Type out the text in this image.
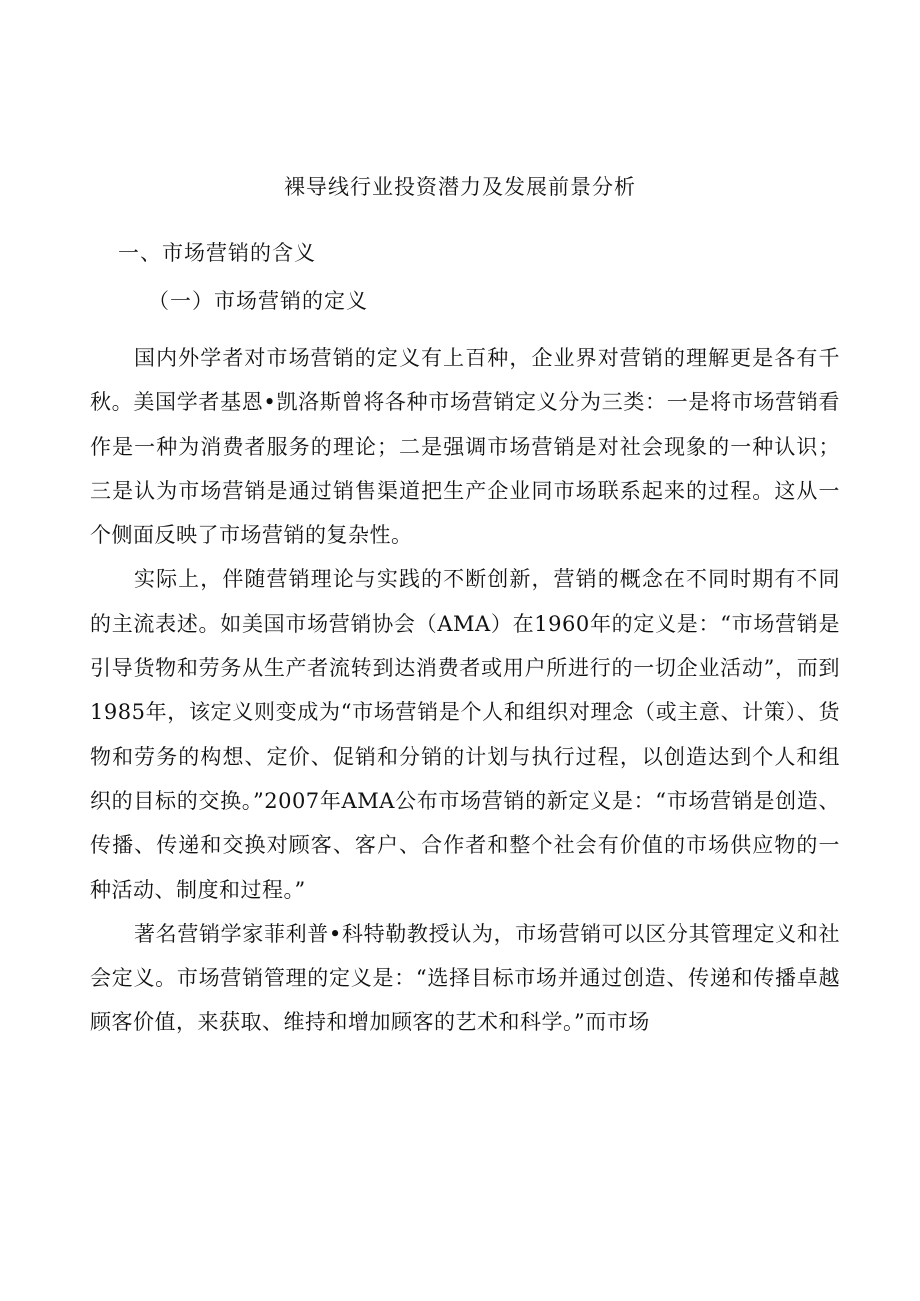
裸导线行业投资潜力及发展前景分析
一、市场营销的含义
（一）市场营销的定义

国内外学者对市场营销的定义有上百种，企业界对营销的理解更是各有千秋。美国学者基恩•凯洛斯曾将各种市场营销定义分为三类：一是将市场营销看作是一种为消费者服务的理论；二是强调市场营销是对社会现象的一种认识；三是认为市场营销是通过销售渠道把生产企业同市场联系起来的过程。这从一个侧面反映了市场营销的复杂性。

实际上，伴随营销理论与实践的不断创新，营销的概念在不同时期有不同的主流表述。如美国市场营销协会（AMA）在1960年的定义是：“市场营销是引导货物和劳务从生产者流转到达消费者或用户所进行的一切企业活动”，而到1985年，该定义则变成为“市场营销是个人和组织对理念（或主意、计策）、货物和劳务的构想、定价、促销和分销的计划与执行过程，以创造达到个人和组织的目标的交换。”2007年AMA公布市场营销的新定义是：“市场营销是创造、传播、传递和交换对顾客、客户、合作者和整个社会有价值的市场供应物的一种活动、制度和过程。”

著名营销学家菲利普•科特勒教授认为，市场营销可以区分其管理定义和社会定义。市场营销管理的定义是：“选择目标市场并通过创造、传递和传播卓越顾客价值，来获取、维持和增加顾客的艺术和科学。”而市场
